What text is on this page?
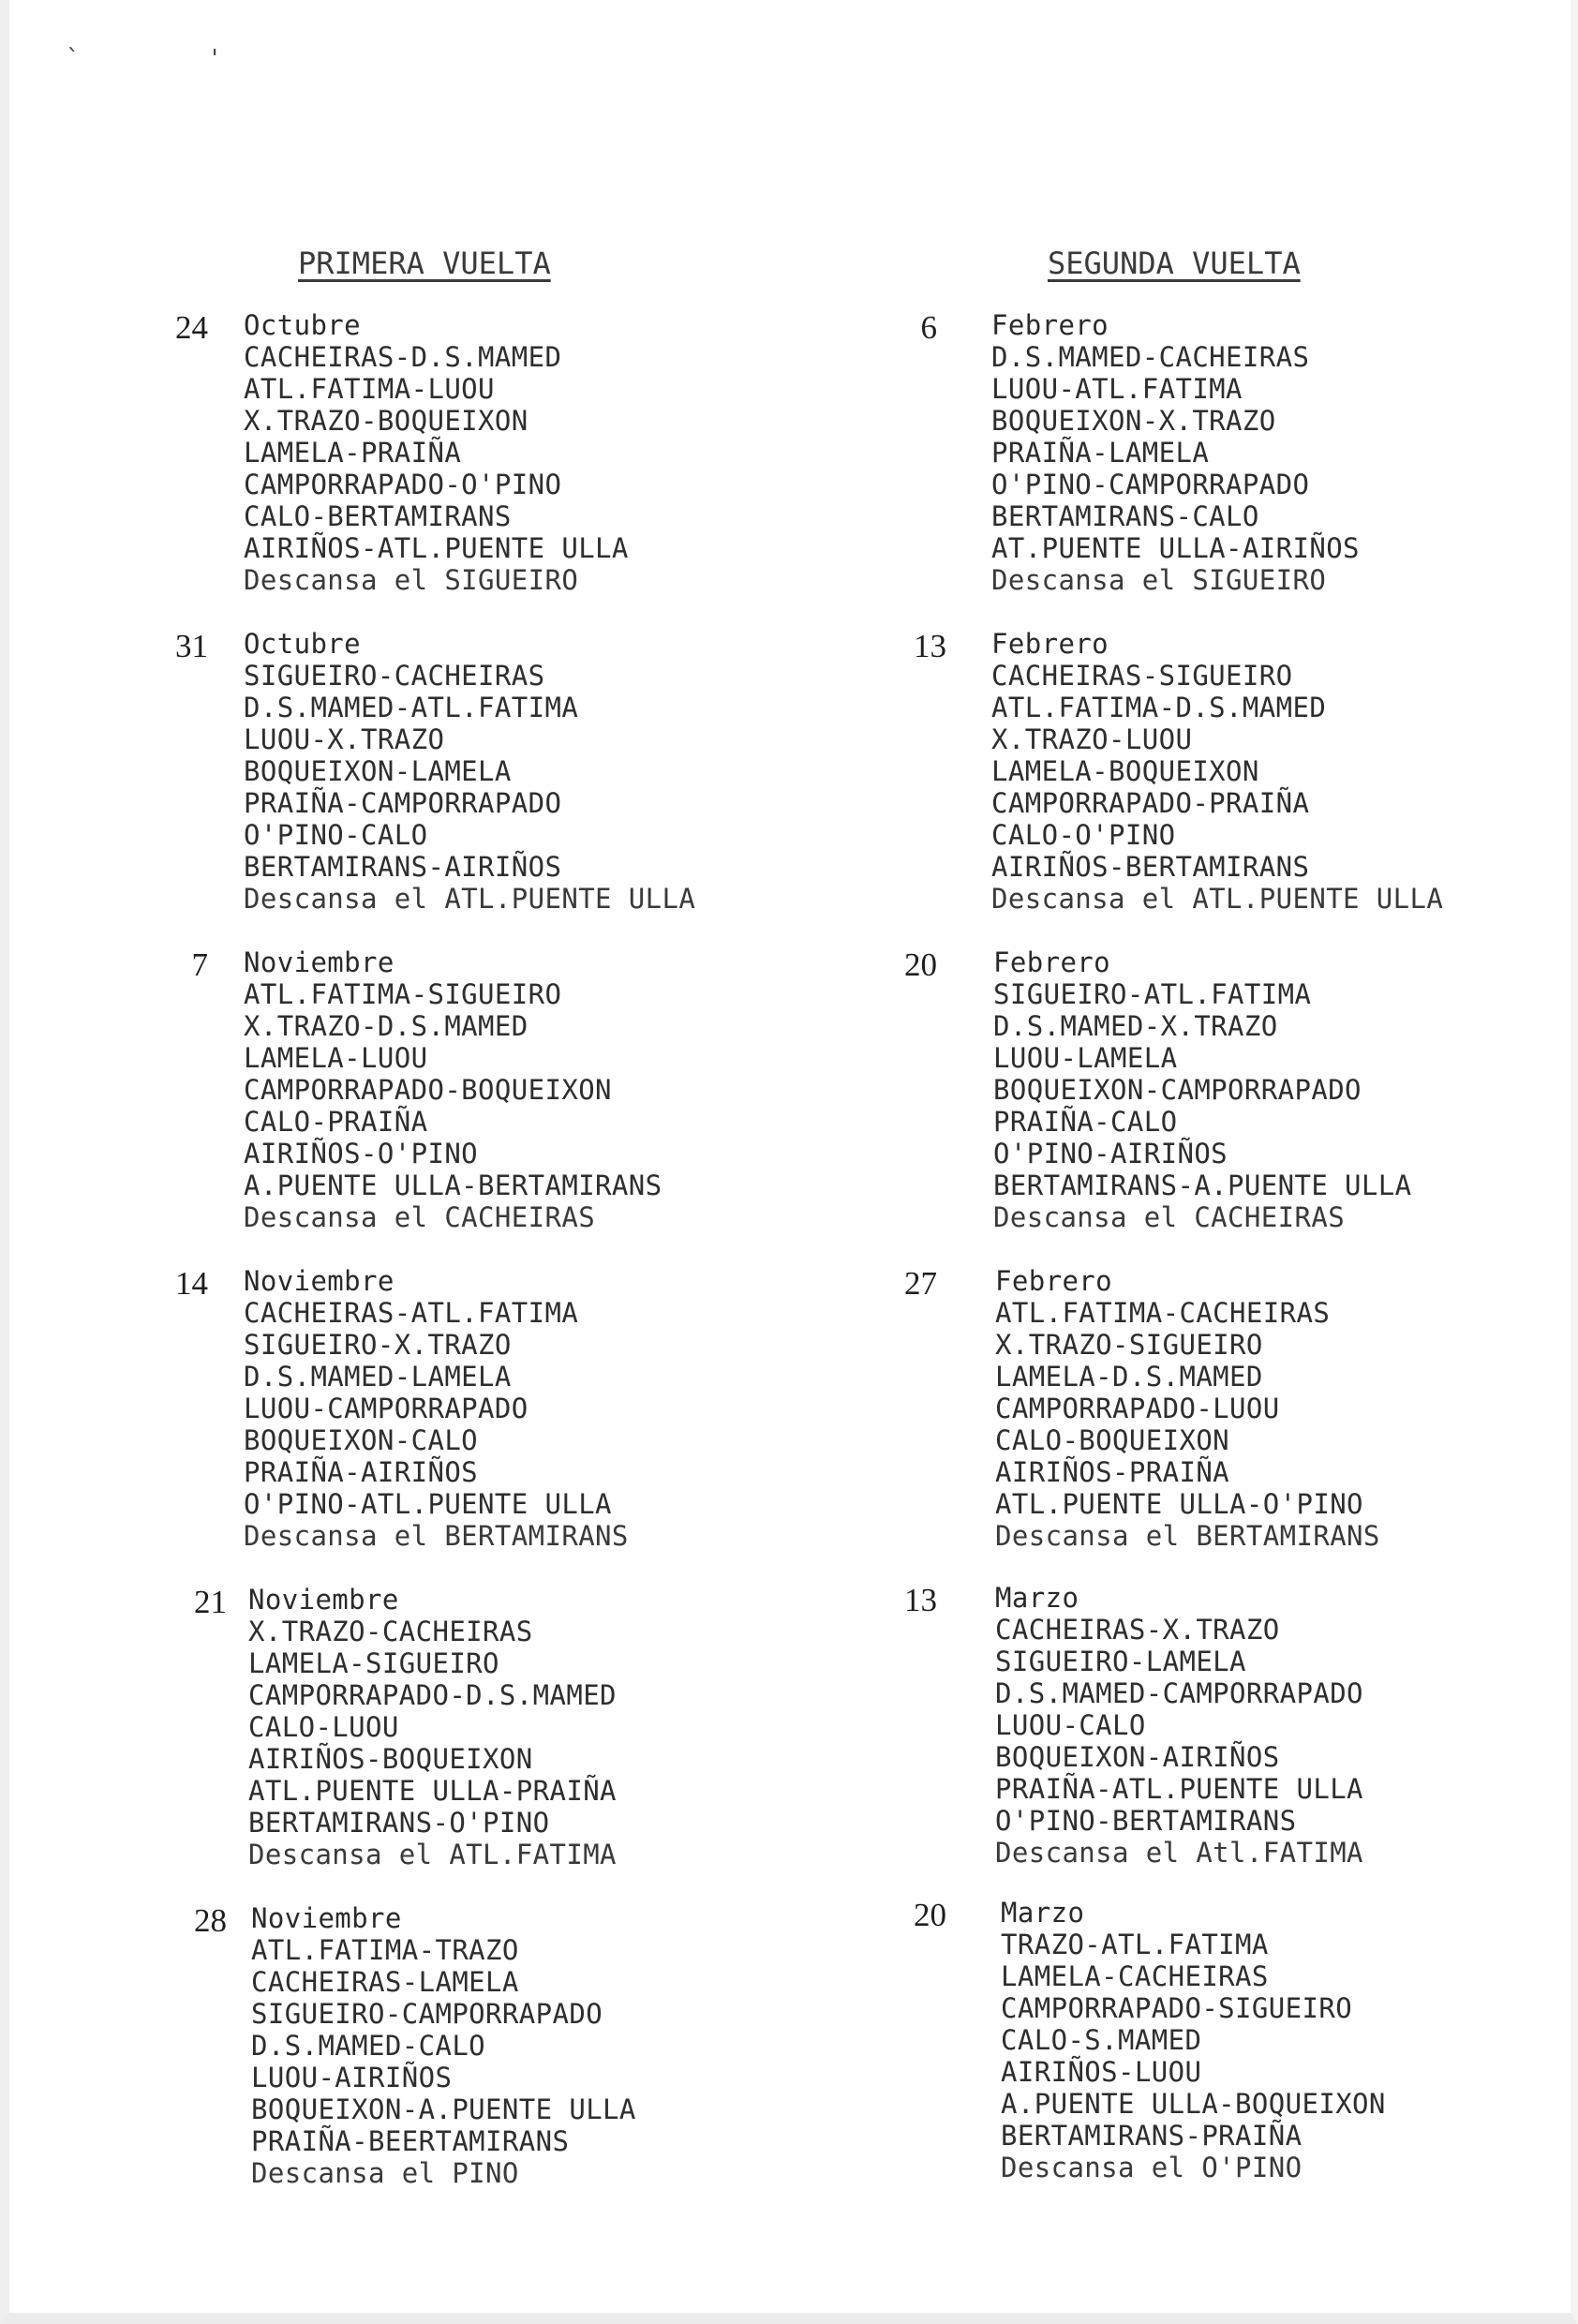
` '
PRIMERA VUELTA	SEGUNDA VUELTA
24 Octubre
CACHEIRAS-D.S.MAMED
ATL.FATIMA-LUOU
X.TRAZO-BOQUEIXON
LAMELA-PRAIÑA
CAMPORRAPADO-O'PINO
CALO-BERTAMIRANS
AIRIÑOS-ATL.PUENTE ULLA
Descansa el SIGUEIRO
31 Octubre
SIGUEIRO-CACHEIRAS
D.S.MAMED-ATL.FATIMA
LUOU-X.TRAZO
BOQUEIXON-LAMELA
PRAIÑA-CAMPORRAPADO
O'PINO-CALO
BERTAMIRANS-AIRIÑOS
Descansa el ATL.PUENTE ULLA
7 Noviembre
ATL.FATIMA-SIGUEIRO
X.TRAZO-D.S.MAMED
LAMELA-LUOU
CAMPORRAPADO-BOQUEIXON
CALO-PRAIÑA
AIRIÑOS-O'PINO
A.PUENTE ULLA-BERTAMIRANS
Descansa el CACHEIRAS
14 Noviembre
CACHEIRAS-ATL.FATIMA
SIGUEIRO-X.TRAZO
D.S.MAMED-LAMELA
LUOU-CAMPORRAPADO
BOQUEIXON-CALO
PRAIÑA-AIRIÑOS
O'PINO-ATL.PUENTE ULLA
Descansa el BERTAMIRANS
21 Noviembre
X.TRAZO-CACHEIRAS
LAMELA-SIGUEIRO
CAMPORRAPADO-D.S.MAMED
CALO-LUOU
AIRIÑOS-BOQUEIXON
ATL.PUENTE ULLA-PRAIÑA
BERTAMIRANS-O'PINO
Descansa el ATL.FATIMA
28 Noviembre
ATL.FATIMA-TRAZO
CACHEIRAS-LAMELA
SIGUEIRO-CAMPORRAPADO
D.S.MAMED-CALO
LUOU-AIRIÑOS
BOQUEIXON-A.PUENTE ULLA
PRAIÑA-BEERTAMIRANS
Descansa el PINO
6 Febrero
D.S.MAMED-CACHEIRAS
LUOU-ATL.FATIMA
BOQUEIXON-X.TRAZO
PRAIÑA-LAMELA
O'PINO-CAMPORRAPADO
BERTAMIRANS-CALO
AT.PUENTE ULLA-AIRIÑOS
Descansa el SIGUEIRO
13 Febrero
CACHEIRAS-SIGUEIRO
ATL.FATIMA-D.S.MAMED
X.TRAZO-LUOU
LAMELA-BOQUEIXON
CAMPORRAPADO-PRAIÑA
CALO-O'PINO
AIRIÑOS-BERTAMIRANS
Descansa el ATL.PUENTE ULLA
20 Febrero
SIGUEIRO-ATL.FATIMA
D.S.MAMED-X.TRAZO
LUOU-LAMELA
BOQUEIXON-CAMPORRAPADO
PRAIÑA-CALO
O'PINO-AIRIÑOS
BERTAMIRANS-A.PUENTE ULLA
Descansa el CACHEIRAS
27 Febrero
ATL.FATIMA-CACHEIRAS
X.TRAZO-SIGUEIRO
LAMELA-D.S.MAMED
CAMPORRAPADO-LUOU
CALO-BOQUEIXON
AIRIÑOS-PRAIÑA
ATL.PUENTE ULLA-O'PINO
Descansa el BERTAMIRANS
13 Marzo
CACHEIRAS-X.TRAZO
SIGUEIRO-LAMELA
D.S.MAMED-CAMPORRAPADO
LUOU-CALO
BOQUEIXON-AIRIÑOS
PRAIÑA-ATL.PUENTE ULLA
O'PINO-BERTAMIRANS
Descansa el Atl.FATIMA
20 Marzo
TRAZO-ATL.FATIMA
LAMELA-CACHEIRAS
CAMPORRAPADO-SIGUEIRO
CALO-S.MAMED
AIRIÑOS-LUOU
A.PUENTE ULLA-BOQUEIXON
BERTAMIRANS-PRAIÑA
Descansa el O'PINO
